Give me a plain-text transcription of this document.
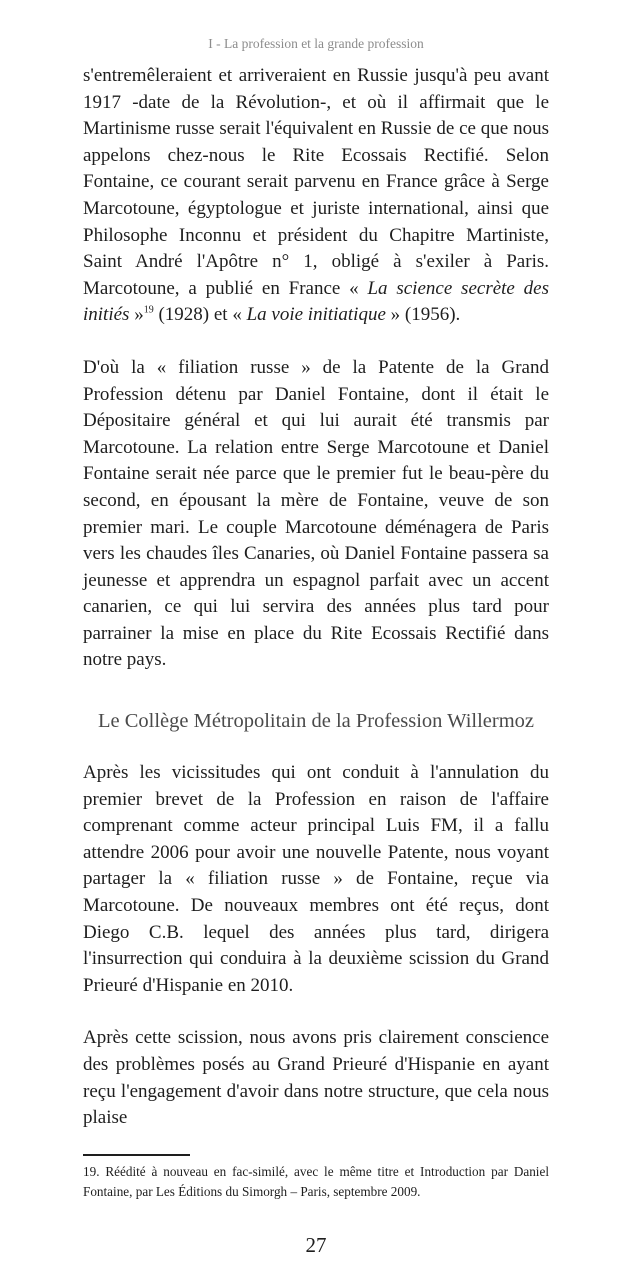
I - La profession et la grande profession

s'entremêleraient et arriveraient en Russie jusqu'à peu avant 1917 -date de la Révolution-, et où il affirmait que le Martinisme russe serait l'équivalent en Russie de ce que nous appelons chez-nous le Rite Ecossais Rectifié. Selon Fontaine, ce courant serait parvenu en France grâce à Serge Marcotoune, égyptologue et juriste international, ainsi que Philosophe Inconnu et président du Chapitre Martiniste, Saint André l'Apôtre n° 1, obligé à s'exiler à Paris. Marcotoune, a publié en France « La science secrète des initiés »$^{19}$ (1928) et « La voie initiatique » (1956).

D'où la « filiation russe » de la Patente de la Grand Profession détenu par Daniel Fontaine, dont il était le Dépositaire général et qui lui aurait été transmis par Marcotoune. La relation entre Serge Marcotoune et Daniel Fontaine serait née parce que le premier fut le beau-père du second, en épousant la mère de Fontaine, veuve de son premier mari. Le couple Marcotoune déménagera de Paris vers les chaudes îles Canaries, où Daniel Fontaine passera sa jeunesse et apprendra un espagnol parfait avec un accent canarien, ce qui lui servira des années plus tard pour parrainer la mise en place du Rite Ecossais Rectifié dans notre pays.

Le Collège Métropolitain de la Profession Willermoz

Après les vicissitudes qui ont conduit à l'annulation du premier brevet de la Profession en raison de l'affaire comprenant comme acteur principal Luis FM, il a fallu attendre 2006 pour avoir une nouvelle Patente, nous voyant partager la « filiation russe » de Fontaine, reçue via Marcotoune. De nouveaux membres ont été reçus, dont Diego C.B. lequel des années plus tard, dirigera l'insurrection qui conduira à la deuxième scission du Grand Prieuré d'Hispanie en 2010.

Après cette scission, nous avons pris clairement conscience des problèmes posés au Grand Prieuré d'Hispanie en ayant reçu l'engagement d'avoir dans notre structure, que cela nous plaise

19. Réédité à nouveau en fac-similé, avec le même titre et Introduction par Daniel Fontaine, par Les Éditions du Simorgh – Paris, septembre 2009.
27
